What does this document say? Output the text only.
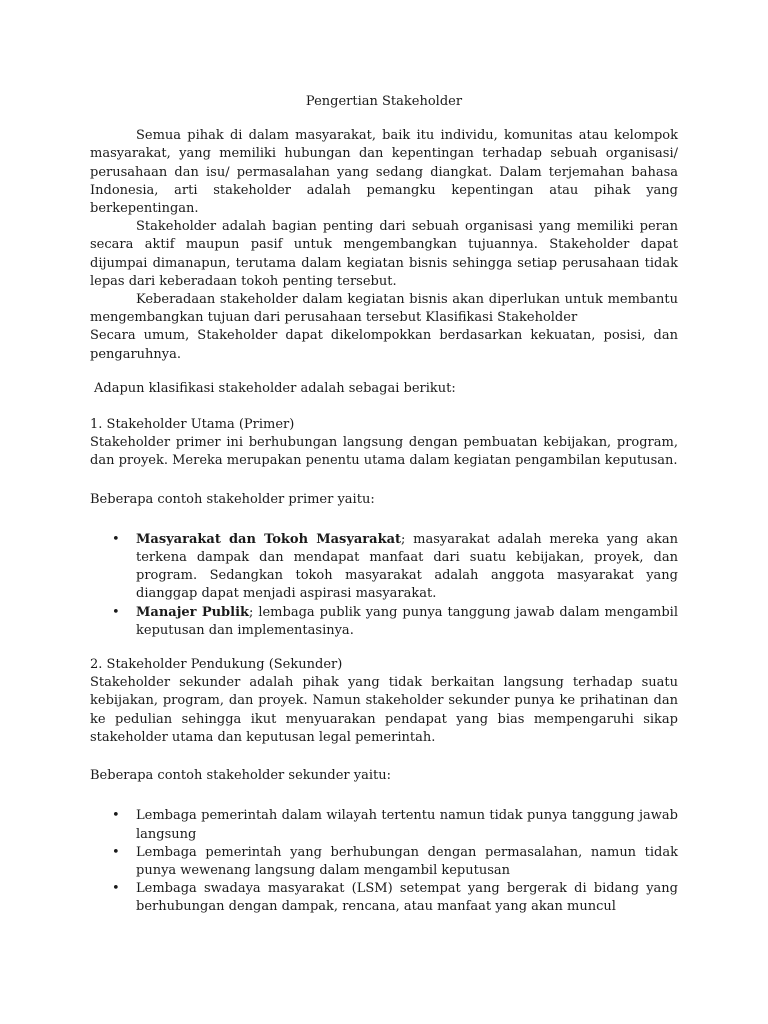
Pengertian Stakeholder

Semua pihak di dalam masyarakat, baik itu individu, komunitas atau kelompok masyarakat, yang memiliki hubungan dan kepentingan terhadap sebuah organisasi/ perusahaan dan isu/ permasalahan yang sedang diangkat. Dalam terjemahan bahasa Indonesia, arti stakeholder adalah pemangku kepentingan atau pihak yang berkepentingan.

Stakeholder adalah bagian penting dari sebuah organisasi yang memiliki peran secara aktif maupun pasif untuk mengembangkan tujuannya. Stakeholder dapat dijumpai dimanapun, terutama dalam kegiatan bisnis sehingga setiap perusahaan tidak lepas dari keberadaan tokoh penting tersebut.

Keberadaan stakeholder dalam kegiatan bisnis akan diperlukan untuk membantu mengembangkan tujuan dari perusahaan tersebut Klasifikasi Stakeholder

Secara umum, Stakeholder dapat dikelompokkan berdasarkan kekuatan, posisi, dan pengaruhnya.

Adapun klasifikasi stakeholder adalah sebagai berikut:

1. Stakeholder Utama (Primer)

Stakeholder primer ini berhubungan langsung dengan pembuatan kebijakan, program, dan proyek. Mereka merupakan penentu utama dalam kegiatan pengambilan keputusan.

Beberapa contoh stakeholder primer yaitu:

• Masyarakat dan Tokoh Masyarakat; masyarakat adalah mereka yang akan terkena dampak dan mendapat manfaat dari suatu kebijakan, proyek, dan program. Sedangkan tokoh masyarakat adalah anggota masyarakat yang dianggap dapat menjadi aspirasi masyarakat.
• Manajer Publik; lembaga publik yang punya tanggung jawab dalam mengambil keputusan dan implementasinya.

2. Stakeholder Pendukung (Sekunder)

Stakeholder sekunder adalah pihak yang tidak berkaitan langsung terhadap suatu kebijakan, program, dan proyek. Namun stakeholder sekunder punya ke prihatinan dan ke pedulian sehingga ikut menyuarakan pendapat yang bias mempengaruhi sikap stakeholder utama dan keputusan legal pemerintah.

Beberapa contoh stakeholder sekunder yaitu:

• Lembaga pemerintah dalam wilayah tertentu namun tidak punya tanggung jawab langsung
• Lembaga pemerintah yang berhubungan dengan permasalahan, namun tidak punya wewenang langsung dalam mengambil keputusan
• Lembaga swadaya masyarakat (LSM) setempat yang bergerak di bidang yang berhubungan dengan dampak, rencana, atau manfaat yang akan muncul
